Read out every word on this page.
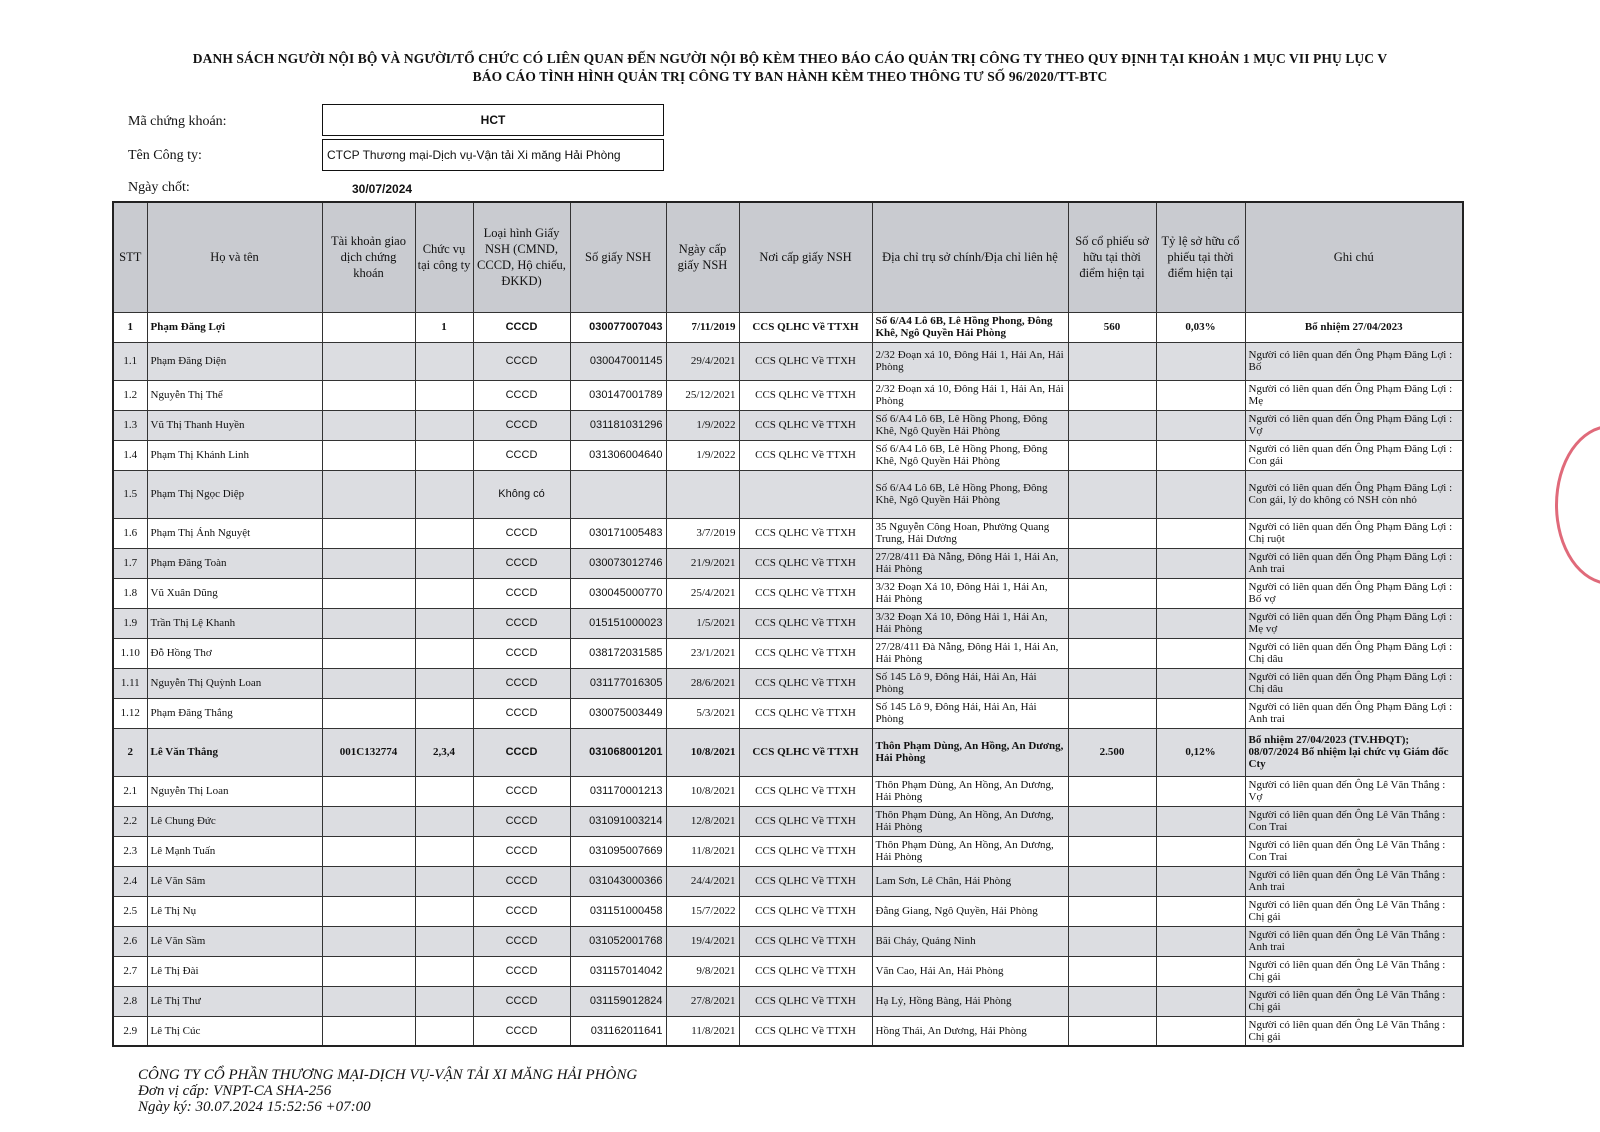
DANH SÁCH NGƯỜI NỘI BỘ VÀ NGƯỜI/TỔ CHỨC CÓ LIÊN QUAN ĐẾN NGƯỜI NỘI BỘ KÈM THEO BÁO CÁO QUẢN TRỊ CÔNG TY THEO QUY ĐỊNH TẠI KHOẢN 1 MỤC VII PHỤ LỤC V
BÁO CÁO TÌNH HÌNH QUẢN TRỊ CÔNG TY BAN HÀNH KÈM THEO THÔNG TƯ SỐ 96/2020/TT-BTC
Mã chứng khoán:	HCT
Tên Công ty:	CTCP Thương mại-Dịch vụ-Vận tải Xi măng Hải Phòng
Ngày chốt:	30/07/2024
STT	Họ và tên	Tài khoản giao dịch chứng khoán	Chức vụ tại công ty	Loại hình Giấy NSH (CMND, CCCD, Hộ chiếu, ĐKKD)	Số giấy NSH	Ngày cấp giấy NSH	Nơi cấp giấy NSH	Địa chỉ trụ sở chính/Địa chỉ liên hệ	Số cổ phiếu sở hữu tại thời điểm hiện tại	Tỷ lệ sở hữu cổ phiếu tại thời điểm hiện tại	Ghi chú
1	Phạm Đăng Lợi		1	CCCD	030077007043	7/11/2019	CCS QLHC Về TTXH	Số 6/A4 Lô 6B, Lê Hồng Phong, Đông Khê, Ngô Quyền Hải Phòng	560	0,03%	Bổ nhiệm 27/04/2023
1.1	Phạm Đăng Diện			CCCD	030047001145	29/4/2021	CCS QLHC Về TTXH	2/32 Đoạn xá 10, Đông Hải 1, Hải An, Hải Phòng			Người có liên quan đến Ông Phạm Đăng Lợi : Bố
1.2	Nguyễn Thị Thể			CCCD	030147001789	25/12/2021	CCS QLHC Về TTXH	2/32 Đoạn xá 10, Đông Hải 1, Hải An, Hải Phòng			Người có liên quan đến Ông Phạm Đăng Lợi : Mẹ
1.3	Vũ Thị Thanh Huyền			CCCD	031181031296	1/9/2022	CCS QLHC Về TTXH	Số 6/A4 Lô 6B, Lê Hồng Phong, Đông Khê, Ngô Quyền Hải Phòng			Người có liên quan đến Ông Phạm Đăng Lợi : Vợ
1.4	Phạm Thị Khánh Linh			CCCD	031306004640	1/9/2022	CCS QLHC Về TTXH	Số 6/A4 Lô 6B, Lê Hồng Phong, Đông Khê, Ngô Quyền Hải Phòng			Người có liên quan đến Ông Phạm Đăng Lợi : Con gái
1.5	Phạm Thị Ngọc Diệp			Không có				Số 6/A4 Lô 6B, Lê Hồng Phong, Đông Khê, Ngô Quyền Hải Phòng			Người có liên quan đến Ông Phạm Đăng Lợi : Con gái, lý do không có NSH còn nhỏ
1.6	Phạm Thị Ánh Nguyệt			CCCD	030171005483	3/7/2019	CCS QLHC Về TTXH	35 Nguyễn Công Hoan, Phường Quang Trung, Hải Dương			Người có liên quan đến Ông Phạm Đăng Lợi : Chị ruột
1.7	Phạm Đăng Toàn			CCCD	030073012746	21/9/2021	CCS QLHC Về TTXH	27/28/411 Đà Nẵng, Đông Hải 1, Hải An, Hải Phòng			Người có liên quan đến Ông Phạm Đăng Lợi : Anh trai
1.8	Vũ Xuân Dũng			CCCD	030045000770	25/4/2021	CCS QLHC Về TTXH	3/32 Đoạn Xá 10, Đông Hải 1, Hải An, Hải Phòng			Người có liên quan đến Ông Phạm Đăng Lợi : Bố vợ
1.9	Trần Thị Lệ Khanh			CCCD	015151000023	1/5/2021	CCS QLHC Về TTXH	3/32 Đoạn Xá 10, Đông Hải 1, Hải An, Hải Phòng			Người có liên quan đến Ông Phạm Đăng Lợi : Mẹ vợ
1.10	Đỗ Hồng Thơ			CCCD	038172031585	23/1/2021	CCS QLHC Về TTXH	27/28/411 Đà Nẵng, Đông Hải 1, Hải An, Hải Phòng			Người có liên quan đến Ông Phạm Đăng Lợi : Chị dâu
1.11	Nguyễn Thị Quỳnh Loan			CCCD	031177016305	28/6/2021	CCS QLHC Về TTXH	Số 145 Lô 9, Đông Hải, Hải An, Hải Phòng			Người có liên quan đến Ông Phạm Đăng Lợi : Chị dâu
1.12	Phạm Đăng Thắng			CCCD	030075003449	5/3/2021	CCS QLHC Về TTXH	Số 145 Lô 9, Đông Hải, Hải An, Hải Phòng			Người có liên quan đến Ông Phạm Đăng Lợi : Anh trai
2	Lê Văn Thắng	001C132774	2,3,4	CCCD	031068001201	10/8/2021	CCS QLHC Về TTXH	Thôn Phạm Dùng, An Hồng, An Dương, Hải Phòng	2.500	0,12%	Bổ nhiệm 27/04/2023 (TV.HĐQT); 08/07/2024 Bổ nhiệm lại chức vụ Giám đốc Cty
2.1	Nguyễn Thị Loan			CCCD	031170001213	10/8/2021	CCS QLHC Về TTXH	Thôn Phạm Dùng, An Hồng, An Dương, Hải Phòng			Người có liên quan đến Ông Lê Văn Thắng : Vợ
2.2	Lê Chung Đức			CCCD	031091003214	12/8/2021	CCS QLHC Về TTXH	Thôn Phạm Dùng, An Hồng, An Dương, Hải Phòng			Người có liên quan đến Ông Lê Văn Thắng : Con Trai
2.3	Lê Mạnh Tuấn			CCCD	031095007669	11/8/2021	CCS QLHC Về TTXH	Thôn Phạm Dùng, An Hồng, An Dương, Hải Phòng			Người có liên quan đến Ông Lê Văn Thắng : Con Trai
2.4	Lê Văn Sâm			CCCD	031043000366	24/4/2021	CCS QLHC Về TTXH	Lam Sơn, Lê Chân, Hải Phòng			Người có liên quan đến Ông Lê Văn Thắng : Anh trai
2.5	Lê Thị Nụ			CCCD	031151000458	15/7/2022	CCS QLHC Về TTXH	Đằng Giang, Ngô Quyền, Hải Phòng			Người có liên quan đến Ông Lê Văn Thắng : Chị gái
2.6	Lê Văn Sầm			CCCD	031052001768	19/4/2021	CCS QLHC Về TTXH	Bãi Cháy, Quảng Ninh			Người có liên quan đến Ông Lê Văn Thắng : Anh trai
2.7	Lê Thị Đài			CCCD	031157014042	9/8/2021	CCS QLHC Về TTXH	Văn Cao, Hải An, Hải Phòng			Người có liên quan đến Ông Lê Văn Thắng : Chị gái
2.8	Lê Thị Thư			CCCD	031159012824	27/8/2021	CCS QLHC Về TTXH	Hạ Lý, Hồng Bàng, Hải Phòng			Người có liên quan đến Ông Lê Văn Thắng : Chị gái
2.9	Lê Thị Cúc			CCCD	031162011641	11/8/2021	CCS QLHC Về TTXH	Hồng Thái, An Dương, Hải Phòng			Người có liên quan đến Ông Lê Văn Thắng : Chị gái
CÔNG TY CỔ PHẦN THƯƠNG MẠI-DỊCH VỤ-VẬN TẢI XI MĂNG HẢI PHÒNG
Đơn vị cấp: VNPT-CA SHA-256
Ngày ký: 30.07.2024 15:52:56 +07:00
